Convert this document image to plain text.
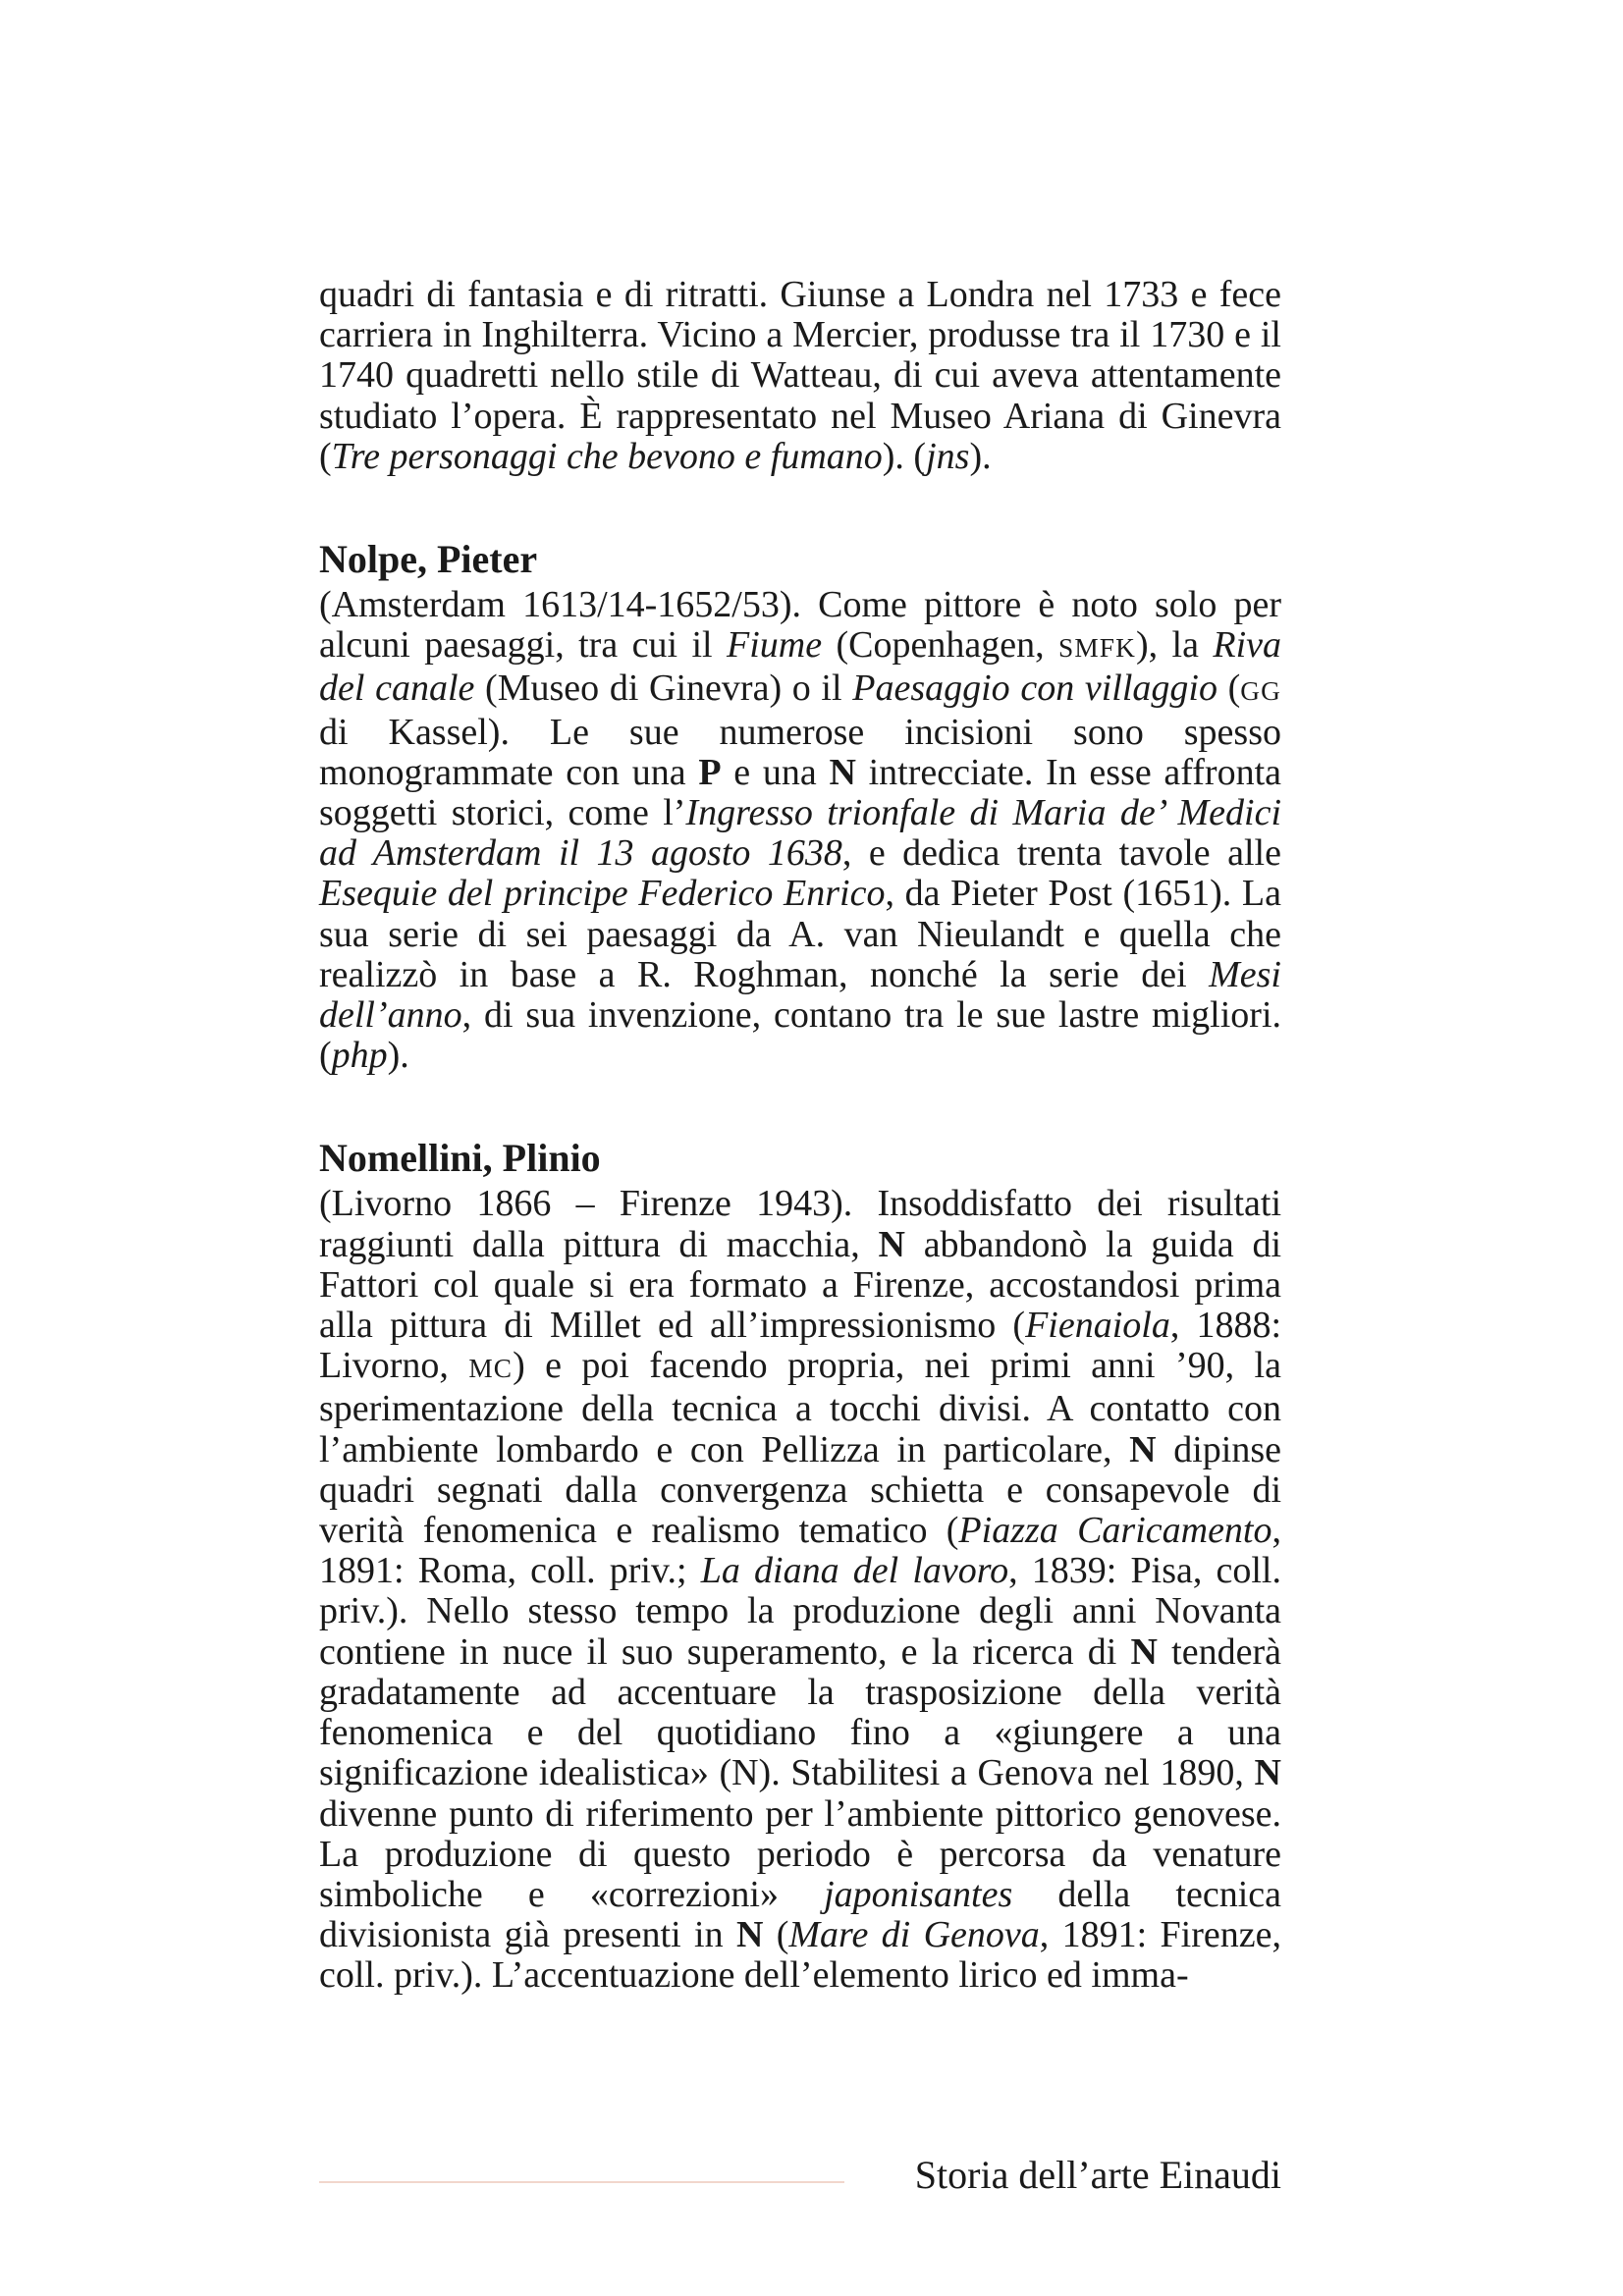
quadri di fantasia e di ritratti. Giunse a Londra nel 1733 e fece carriera in Inghilterra. Vicino a Mercier, produsse tra il 1730 e il 1740 quadretti nello stile di Watteau, di cui aveva attentamente studiato l’opera. È rappresentato nel Museo Ariana di Ginevra (Tre personaggi che bevono e fumano). (jns).

Nolpe, Pieter

(Amsterdam 1613/14-1652/53). Come pittore è noto solo per alcuni paesaggi, tra cui il Fiume (Copenhagen, SMFK), la Riva del canale (Museo di Ginevra) o il Paesaggio con villaggio (GG di Kassel). Le sue numerose incisioni sono spesso monogrammate con una P e una N intrecciate. In esse affronta soggetti storici, come l’Ingresso trionfale di Maria de’ Medici ad Amsterdam il 13 agosto 1638, e dedica trenta tavole alle Esequie del principe Federico Enrico, da Pieter Post (1651). La sua serie di sei paesaggi da A. van Nieulandt e quella che realizzò in base a R. Roghman, nonché la serie dei Mesi dell’anno, di sua invenzione, contano tra le sue lastre migliori. (php).

Nomellini, Plinio

(Livorno 1866 – Firenze 1943). Insoddisfatto dei risultati raggiunti dalla pittura di macchia, N abbandonò la guida di Fattori col quale si era formato a Firenze, accostandosi prima alla pittura di Millet ed all’impressionismo (Fienaiola, 1888: Livorno, MC) e poi facendo propria, nei primi anni ’90, la sperimentazione della tecnica a tocchi divisi. A contatto con l’ambiente lombardo e con Pellizza in particolare, N dipinse quadri segnati dalla convergenza schietta e consapevole di verità fenomenica e realismo tematico (Piazza Caricamento, 1891: Roma, coll. priv.; La diana del lavoro, 1839: Pisa, coll. priv.). Nello stesso tempo la produzione degli anni Novanta contiene in nuce il suo superamento, e la ricerca di N tenderà gradatamente ad accentuare la trasposizione della verità fenomenica e del quotidiano fino a «giungere a una significazione idealistica» (N). Stabilitesi a Genova nel 1890, N divenne punto di riferimento per l’ambiente pittorico genovese. La produzione di questo periodo è percorsa da venature simboliche e «correzioni» japonisantes della tecnica divisionista già presenti in N (Mare di Genova, 1891: Firenze, coll. priv.). L’accentuazione dell’elemento lirico ed imma-

Storia dell’arte Einaudi
